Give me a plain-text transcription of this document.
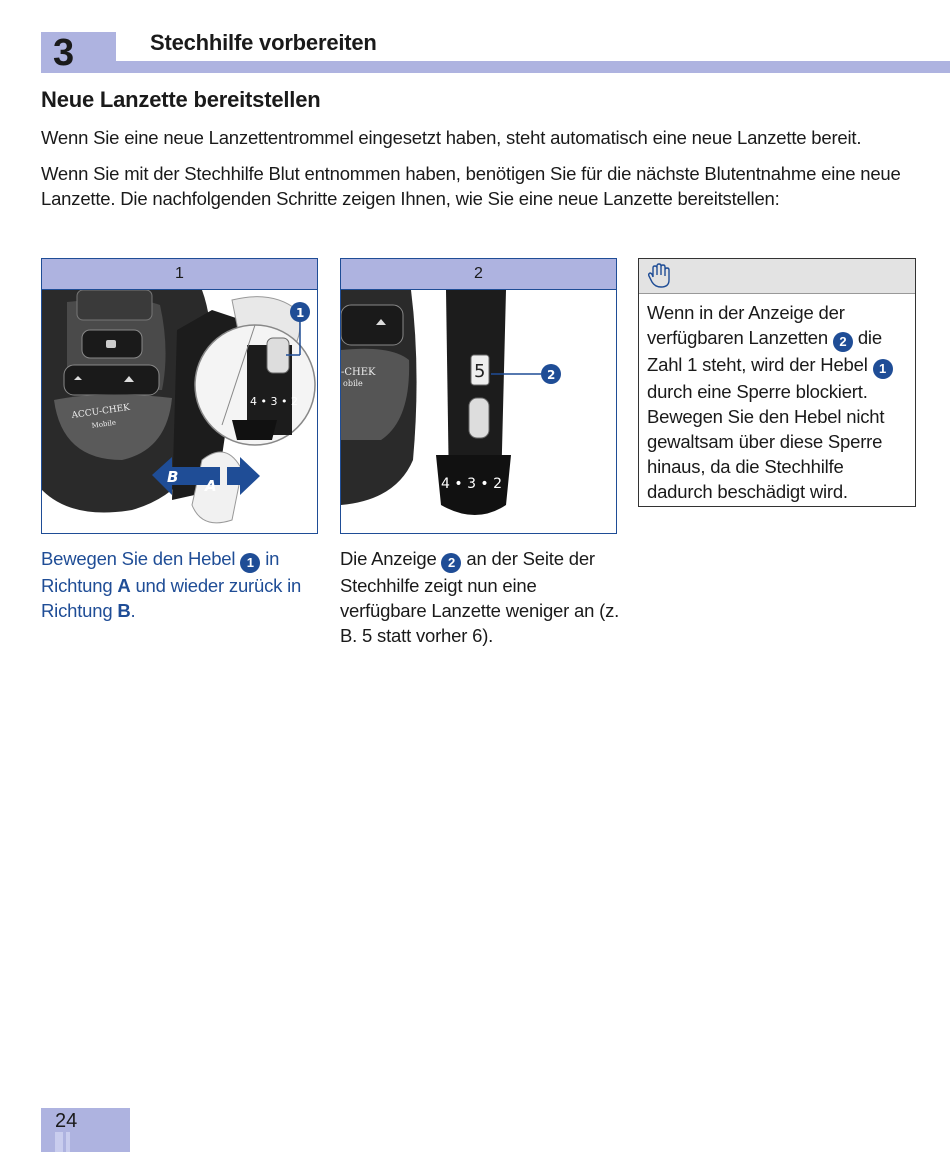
3	Stechhilfe vorbereiten
Neue Lanzette bereitstellen
Wenn Sie eine neue Lanzettentrommel eingesetzt haben, steht automatisch eine neue Lanzette bereit.
Wenn Sie mit der Stechhilfe Blut entnommen haben, benötigen Sie für die nächste Blutentnahme eine neue Lanzette. Die nachfolgenden Schritte zeigen Ihnen, wie Sie eine neue Lanzette bereitstellen:
1
ACCU-CHEK
Mobile
4 • 3 • 2
B A
1
2
-CHEK
obile
5
4 • 3 • 2
2
Bewegen Sie den Hebel 1 in Richtung A und wieder zurück in Richtung B.
Die Anzeige 2 an der Seite der Stechhilfe zeigt nun eine verfügbare Lanzette weniger an (z. B. 5 statt vorher 6).
Wenn in der Anzeige der verfügbaren Lanzetten 2 die Zahl 1 steht, wird der Hebel 1 durch eine Sperre blockiert. Bewegen Sie den Hebel nicht gewaltsam über diese Sperre hinaus, da die Stechhilfe dadurch beschädigt wird.
24
